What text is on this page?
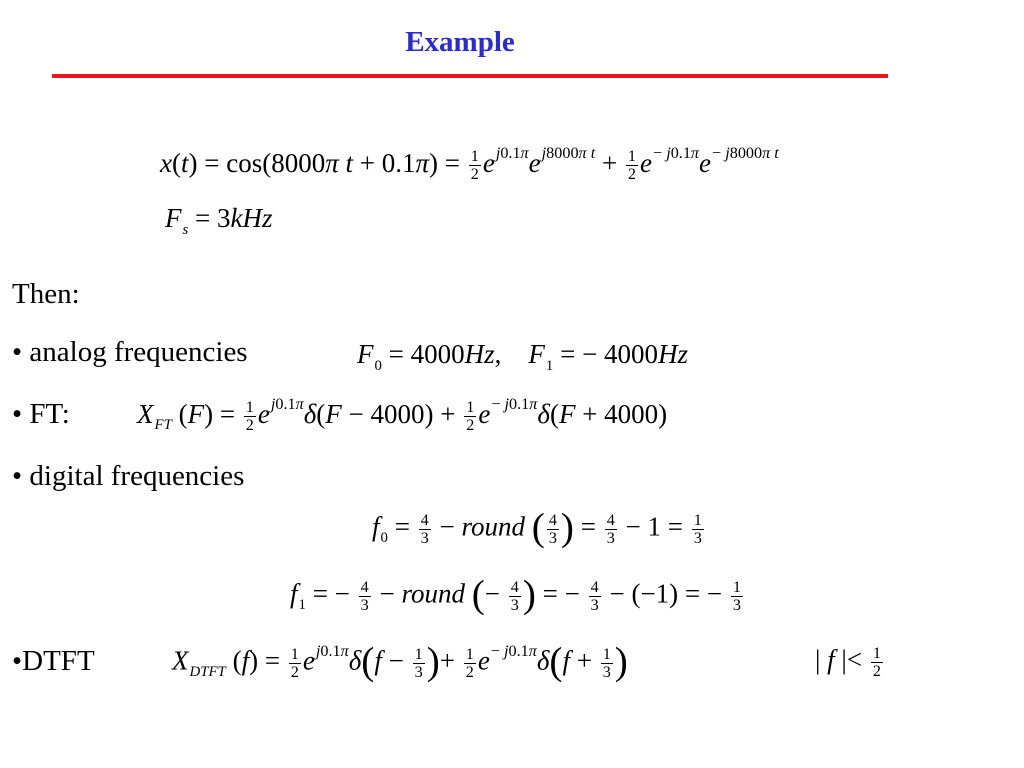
Example
x(t) = cos(8000π $t + 0.1\pi) = \frac{1}{2} e^{j0.1\pi}e^{j8000\pi t} + \frac{1}{2} e^{- j0.1\pi}e^{- j8000\pi t}$
$F_s = 3kHz$
Then:
• analog frequencies	$F_0 = 4000Hz$,    $F_1$ = − 4000Hz
• FT: $X_{FT}$ $(F) = \frac{1}{2} e^{j0.1\pi}\delta(F - 4000) + \frac{1}{2} e^{- j0.1\pi}\delta(F + 4000)$
• digital frequencies
$f_0 = \frac{4}{3}$ − round ( $\frac{4}{3}$ ) = $\frac{4}{3} - 1 = \frac{1}{3}$
$f_1$ = − $\frac{4}{3}$ − round (− $\frac{4}{3}$ ) = − $\frac{4}{3} - (-1)$ = − $\frac{1}{3}$
•DTFT	$X_{DTFT}$ $(f) = \frac{1}{2} e^{j0.1\pi}\delta(f - \frac{1}{3}$ )+ $\frac{1}{2} e^{- j0.1\pi}\delta(f + \frac{1}{3}$ )	| f |< $\frac{1}{2}$
